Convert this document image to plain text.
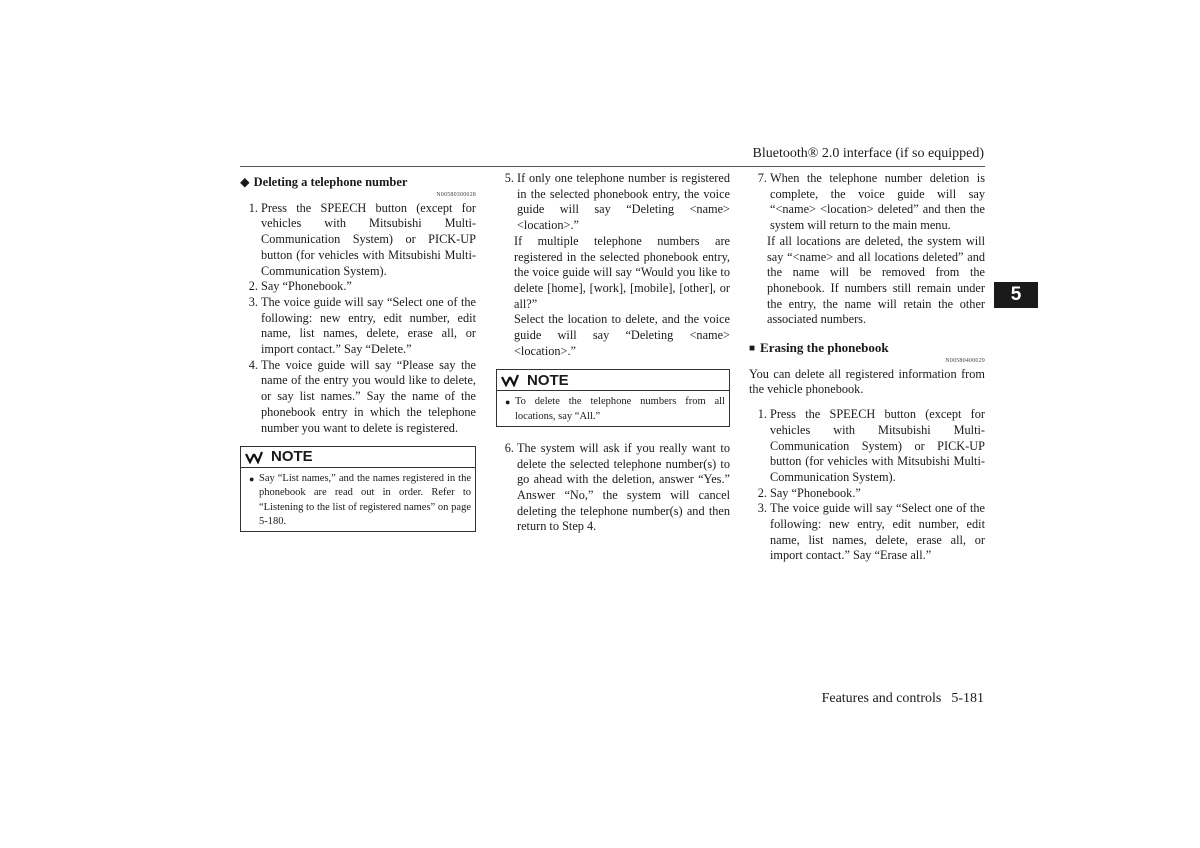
Bluetooth® 2.0 interface (if so equipped)
5
◆ Deleting a telephone number
N00580300028
1. Press the SPEECH button (except for vehicles with Mitsubishi Multi-Communication System) or PICK-UP button (for vehicles with Mitsubishi Multi-Communication System).
2. Say “Phonebook.”
3. The voice guide will say “Select one of the following: new entry, edit number, edit name, list names, delete, erase all, or import contact.” Say “Delete.”
4. The voice guide will say “Please say the name of the entry you would like to delete, or say list names.” Say the name of the phonebook entry in which the telephone number you want to delete is registered.
NOTE
● Say “List names,” and the names registered in the phonebook are read out in order. Refer to “Listening to the list of registered names” on page 5-180.
5. If only one telephone number is registered in the selected phonebook entry, the voice guide will say “Deleting <name> <location>.”
If multiple telephone numbers are registered in the selected phonebook entry, the voice guide will say “Would you like to delete [home], [work], [mobile], [other], or all?”
Select the location to delete, and the voice guide will say “Deleting <name> <location>.”
NOTE
● To delete the telephone numbers from all locations, say “All.”
6. The system will ask if you really want to delete the selected telephone number(s) to go ahead with the deletion, answer “Yes.” Answer “No,” the system will cancel deleting the telephone number(s) and then return to Step 4.
7. When the telephone number deletion is complete, the voice guide will say “<name> <location> deleted” and then the system will return to the main menu.
If all locations are deleted, the system will say “<name> and all locations deleted” and the name will be removed from the phonebook. If numbers still remain under the entry, the name will retain the other associated numbers.
■ Erasing the phonebook
N00580400029
You can delete all registered information from the vehicle phonebook.
1. Press the SPEECH button (except for vehicles with Mitsubishi Multi-Communication System) or PICK-UP button (for vehicles with Mitsubishi Multi-Communication System).
2. Say “Phonebook.”
3. The voice guide will say “Select one of the following: new entry, edit number, edit name, list names, delete, erase all, or import contact.” Say “Erase all.”
Features and controls 5-181
